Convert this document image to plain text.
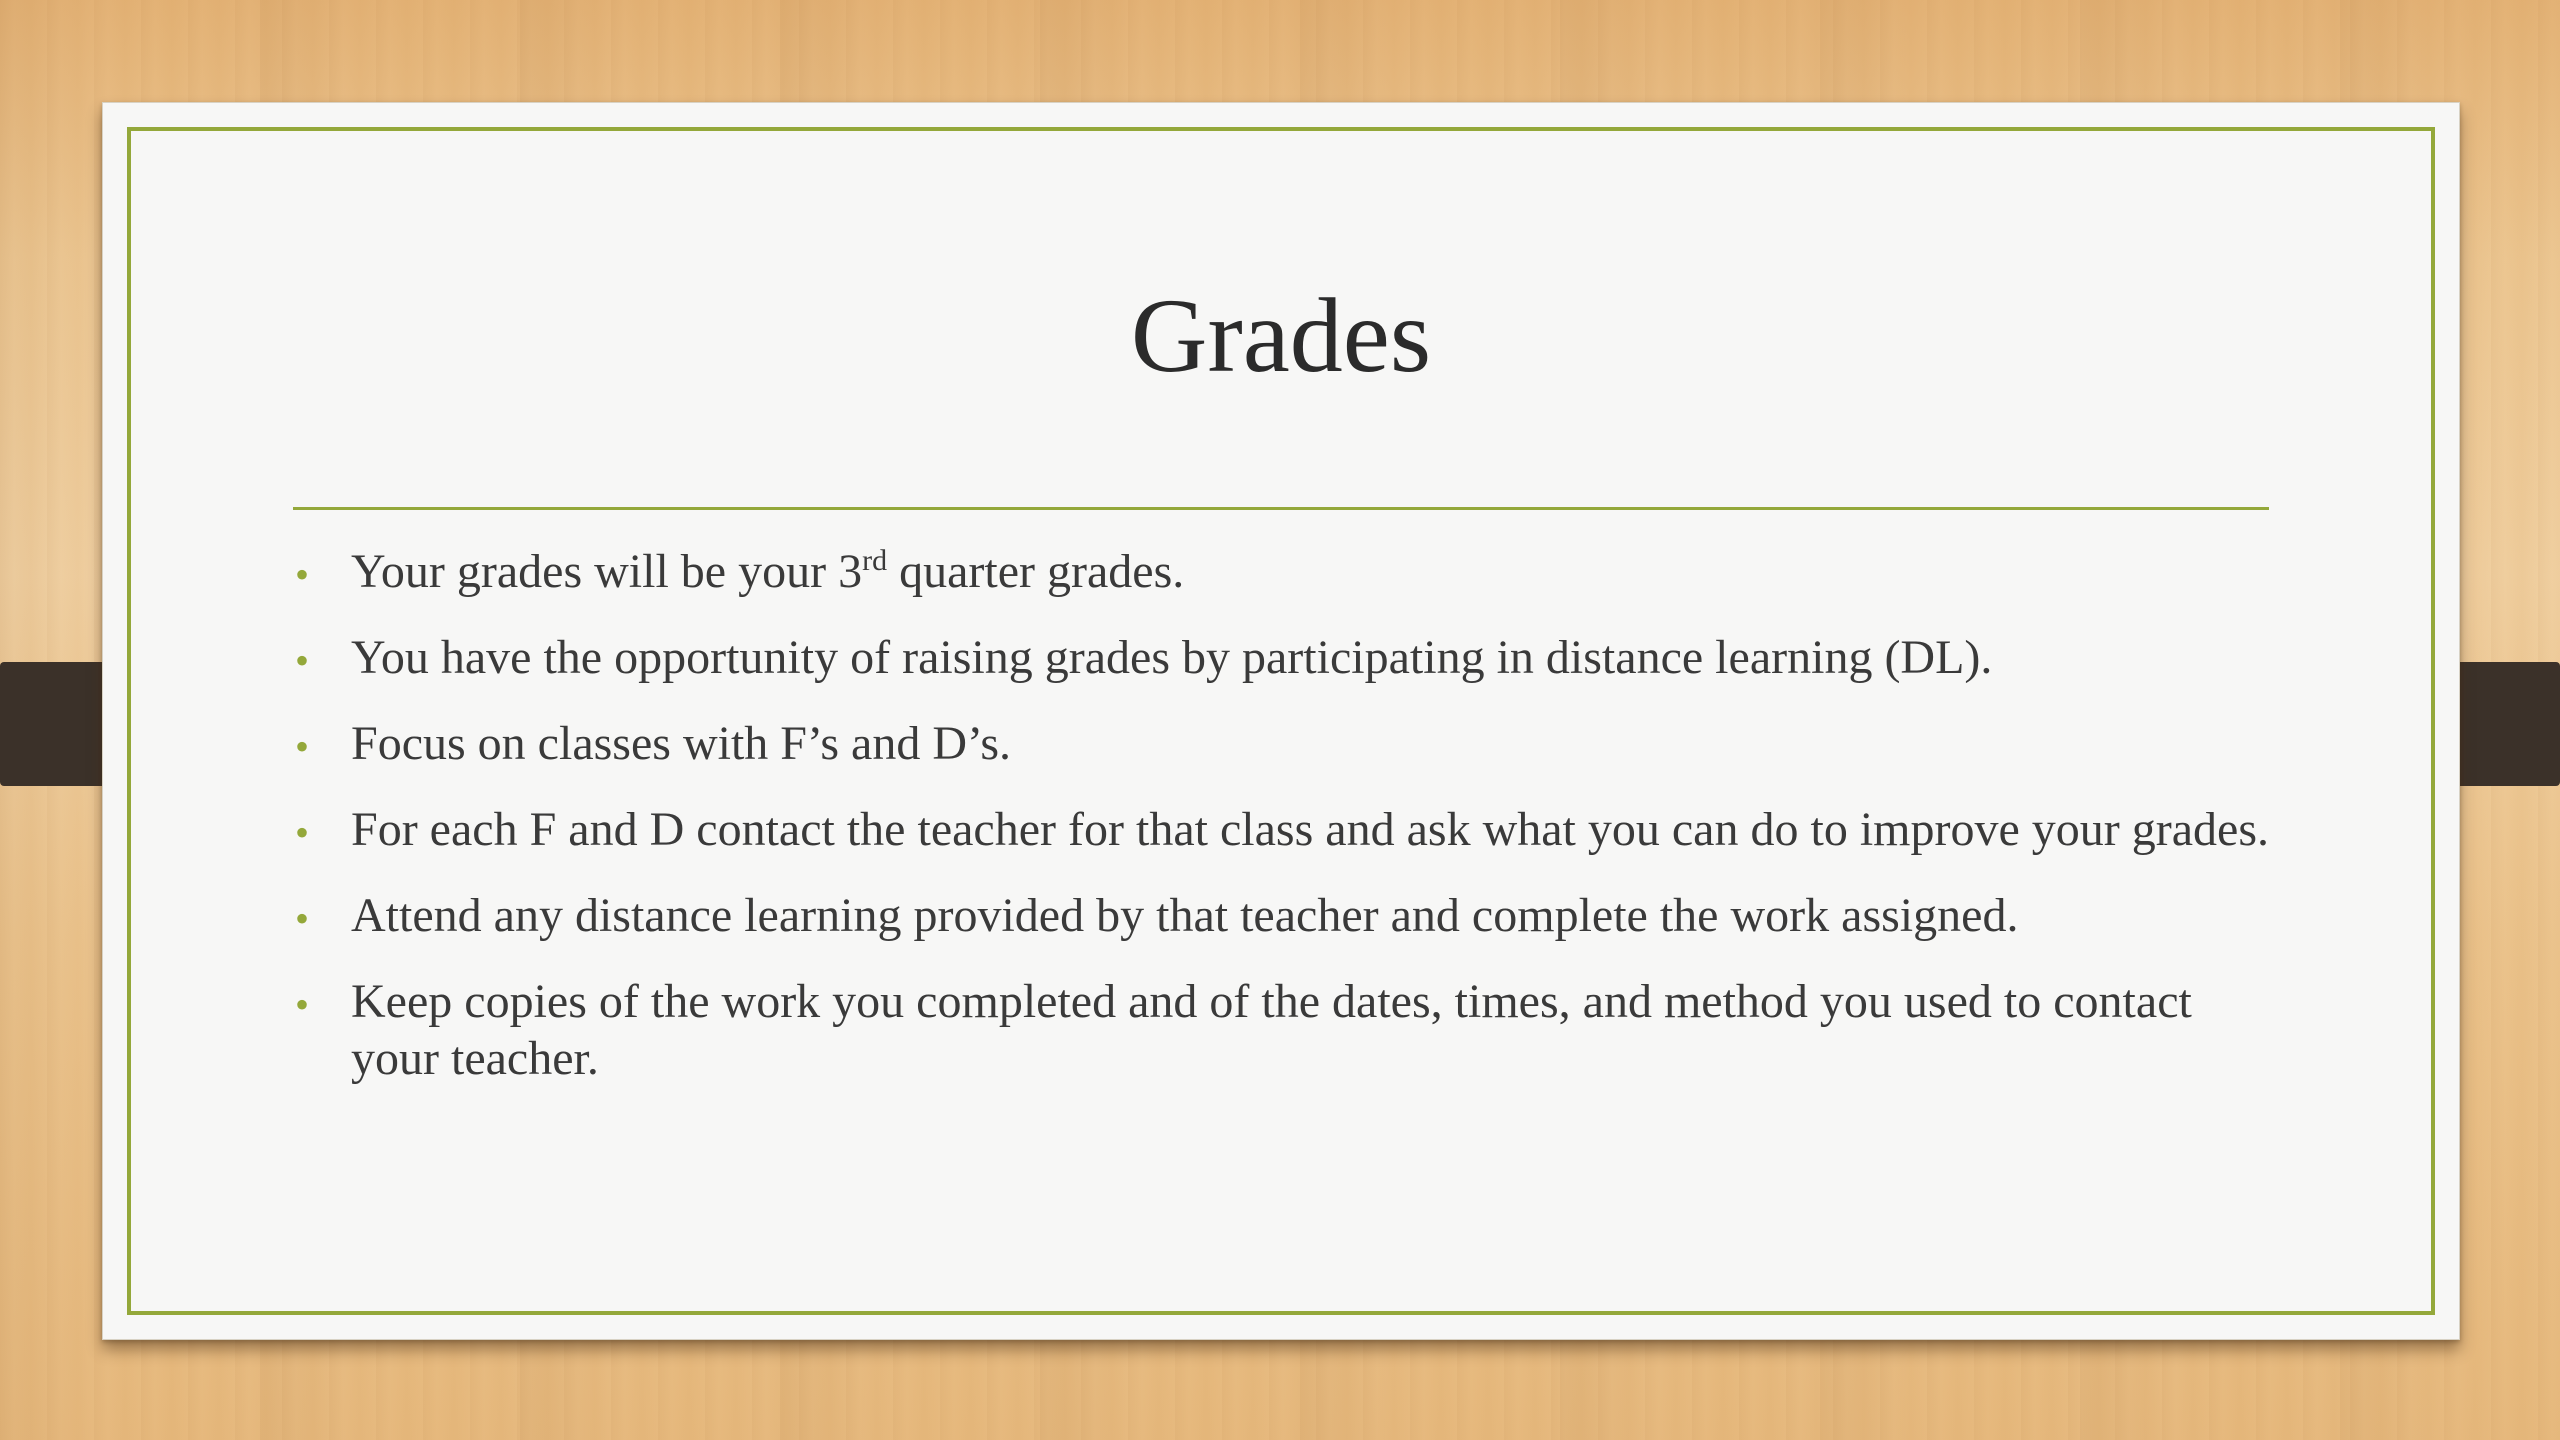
Grades
• Your grades will be your 3rd quarter grades.
• You have the opportunity of raising grades by participating in distance learning (DL).
• Focus on classes with F’s and D’s.
• For each F and D contact the teacher for that class and ask what you can do to improve your grades.
• Attend any distance learning provided by that teacher and complete the work assigned.
• Keep copies of the work you completed and of the dates, times, and method you used to contact your teacher.
